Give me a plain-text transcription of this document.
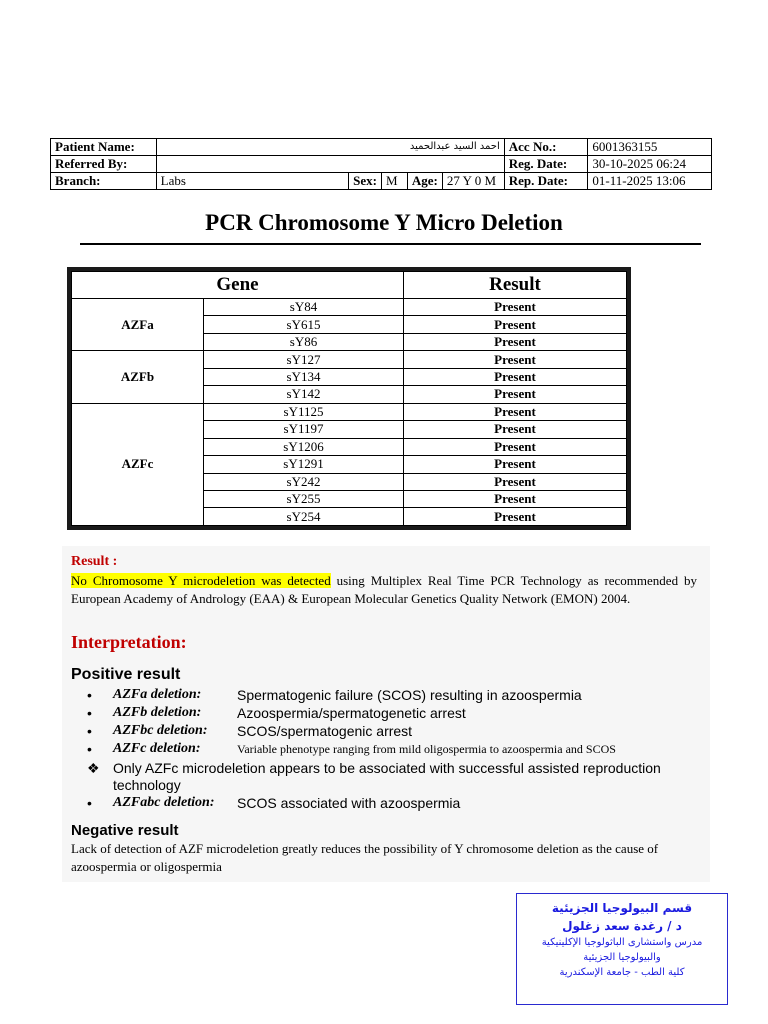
Patient Name:	احمد السيد عبدالحميد					Acc No.:	6001363155
Referred By:						Reg. Date:	30-10-2025 06:24
Branch:	Labs	Sex:	M	Age:	27 Y 0 M	Rep. Date:	01-11-2025 13:06
PCR Chromosome Y Micro Deletion
Gene		Result
AZFa	sY84	Present
	sY615	Present
	sY86	Present
AZFb	sY127	Present
	sY134	Present
	sY142	Present
AZFc	sY1125	Present
	sY1197	Present
	sY1206	Present
	sY1291	Present
	sY242	Present
	sY255	Present
	sY254	Present

Result :

No Chromosome Y microdeletion was detected using Multiplex Real Time PCR Technology as recommended by European Academy of Andrology (EAA) & European Molecular Genetics Quality Network (EMON) 2004.

Interpretation:

Positive result

•	AZFa deletion:	Spermatogenic failure (SCOS) resulting in azoospermia
•	AZFb deletion:	Azoospermia/spermatogenetic arrest
•	AZFbc deletion:	SCOS/spermatogenic arrest
•	AZFc deletion:	Variable phenotype ranging from mild oligospermia to azoospermia and SCOS
❖ Only AZFc microdeletion appears to be associated with successful assisted reproduction technology
•	AZFabc deletion:	SCOS associated with azoospermia

Negative result

Lack of detection of AZF microdeletion greatly reduces the possibility of Y chromosome deletion as the cause of azoospermia or oligospermia

قسم البيولوجيا الجزيئية
د / رغدة سعد زغلول
مدرس واستشارى الباثولوجيا الإكلينيكية
والبيولوجيا الجزيئية
كلية الطب - جامعة الإسكندرية
